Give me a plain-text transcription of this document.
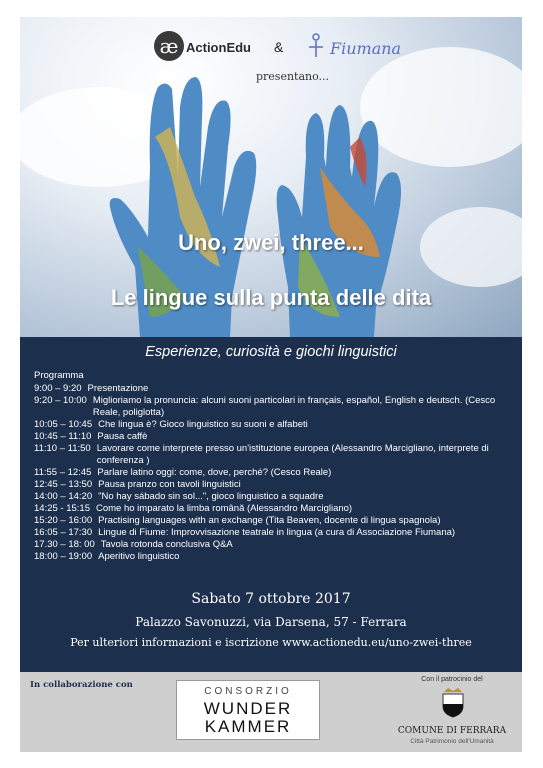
æ ActionEdu &	Fiumana
presentano...
Uno, zwei, three...
Le lingue sulla punta delle dita
Esperienze, curiosità e giochi linguistici
Programma
9:00 – 9:20 Presentazione
9:20 – 10:00 Miglioriamo la pronuncia: alcuni suoni particolari in français, español, English e deutsch. (Cesco Reale, poliglotta)
10:05 – 10:45 Che lingua è? Gioco linguistico su suoni e alfabeti
10:45 – 11:10 Pausa caffè
11:10 – 11:50 Lavorare come interprete presso un'istituzione europea (Alessandro Marcigliano, interprete di conferenza )
11:55 – 12:45 Parlare latino oggi: come, dove, perché? (Cesco Reale)
12:45 – 13:50 Pausa pranzo con tavoli linguistici
14:00 – 14:20 "No hay sábado sin sol...", gioco linguistico a squadre
14:25 - 15:15 Come ho imparato la limba română (Alessandro Marcigliano)
15:20 – 16:00 Practising languages with an exchange (Tita Beaven, docente di lingua spagnola)
16:05 – 17:30 Lingue di Fiume: Improvvisazione teatrale in lingua (a cura di Associazione Fiumana)
17.30 – 18: 00 Tavola rotonda conclusiva Q&A
18:00 – 19:00 Aperitivo linguistico
Sabato 7 ottobre 2017
Palazzo Savonuzzi, via Darsena, 57 - Ferrara
Per ulteriori informazioni e iscrizione www.actionedu.eu/uno-zwei-three
In collaborazione con
CONSORZIO
WUNDER
KAMMER
Con il patrocinio del
COMUNE DI FERRARA
Città Patrimonio dell'Umanità
